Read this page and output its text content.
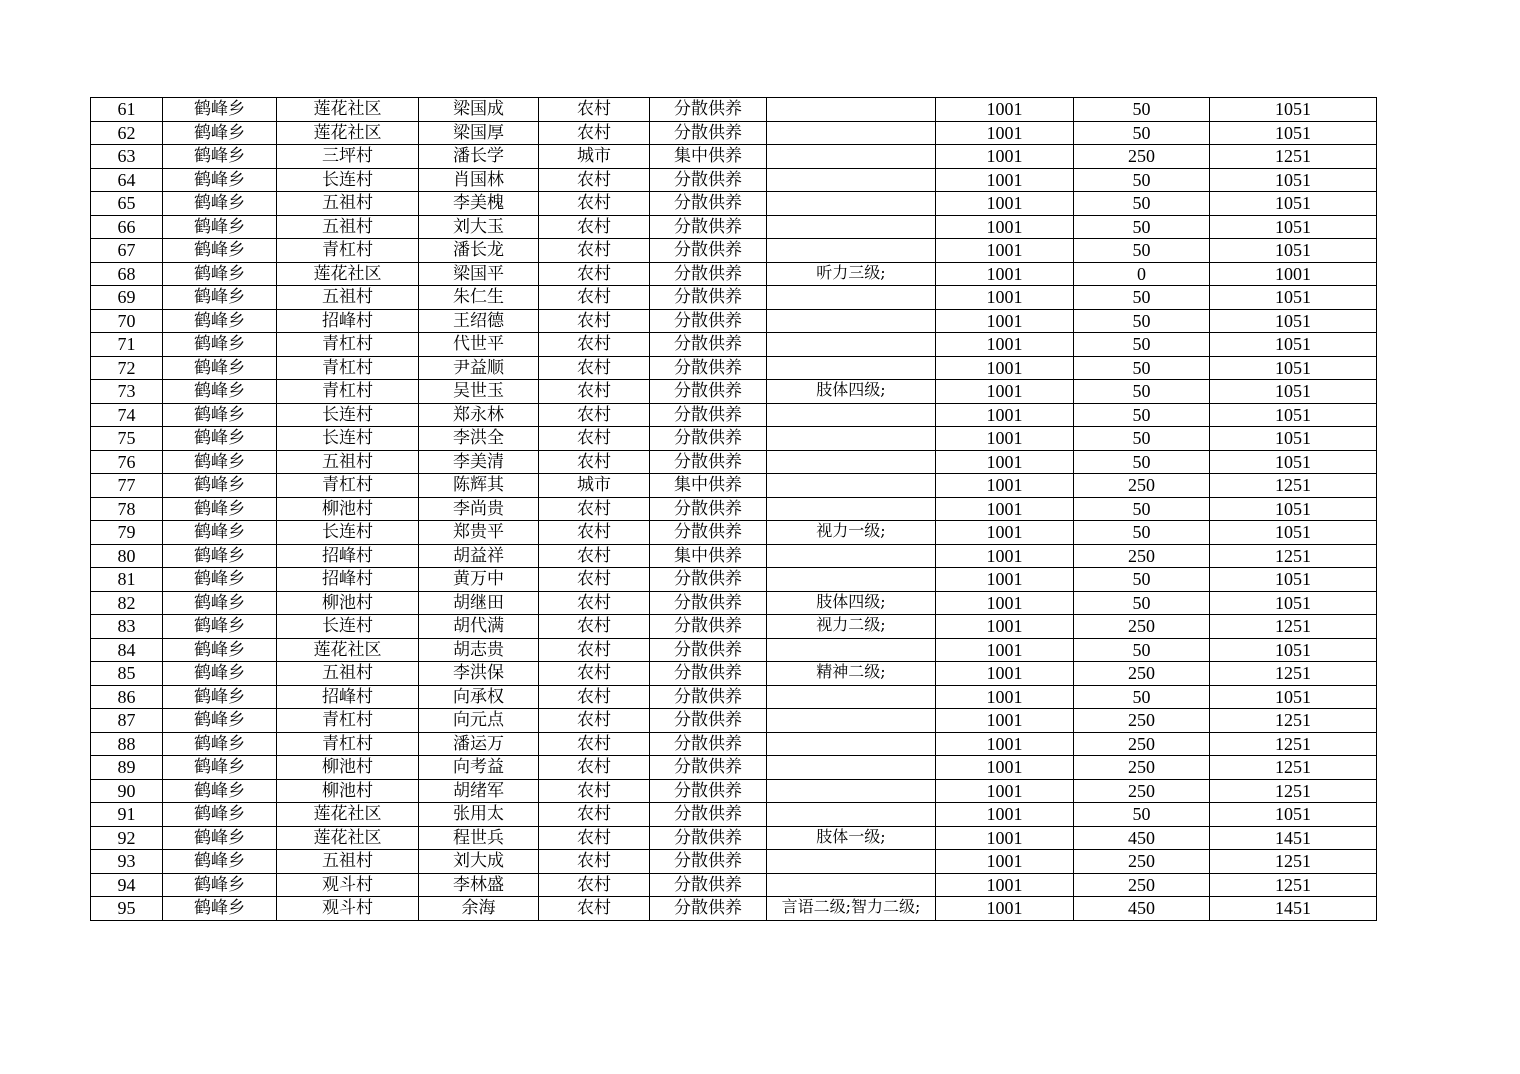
61	鹤峰乡	莲花社区	梁国成	农村	分散供养		1001	50	1051
62	鹤峰乡	莲花社区	梁国厚	农村	分散供养		1001	50	1051
63	鹤峰乡	三坪村	潘长学	城市	集中供养		1001	250	1251
64	鹤峰乡	长连村	肖国林	农村	分散供养		1001	50	1051
65	鹤峰乡	五祖村	李美槐	农村	分散供养		1001	50	1051
66	鹤峰乡	五祖村	刘大玉	农村	分散供养		1001	50	1051
67	鹤峰乡	青杠村	潘长龙	农村	分散供养		1001	50	1051
68	鹤峰乡	莲花社区	梁国平	农村	分散供养	听力三级;	1001	0	1001
69	鹤峰乡	五祖村	朱仁生	农村	分散供养		1001	50	1051
70	鹤峰乡	招峰村	王绍德	农村	分散供养		1001	50	1051
71	鹤峰乡	青杠村	代世平	农村	分散供养		1001	50	1051
72	鹤峰乡	青杠村	尹益顺	农村	分散供养		1001	50	1051
73	鹤峰乡	青杠村	吴世玉	农村	分散供养	肢体四级;	1001	50	1051
74	鹤峰乡	长连村	郑永林	农村	分散供养		1001	50	1051
75	鹤峰乡	长连村	李洪全	农村	分散供养		1001	50	1051
76	鹤峰乡	五祖村	李美清	农村	分散供养		1001	50	1051
77	鹤峰乡	青杠村	陈辉其	城市	集中供养		1001	250	1251
78	鹤峰乡	柳池村	李尚贵	农村	分散供养		1001	50	1051
79	鹤峰乡	长连村	郑贵平	农村	分散供养	视力一级;	1001	50	1051
80	鹤峰乡	招峰村	胡益祥	农村	集中供养		1001	250	1251
81	鹤峰乡	招峰村	黄万中	农村	分散供养		1001	50	1051
82	鹤峰乡	柳池村	胡继田	农村	分散供养	肢体四级;	1001	50	1051
83	鹤峰乡	长连村	胡代满	农村	分散供养	视力二级;	1001	250	1251
84	鹤峰乡	莲花社区	胡志贵	农村	分散供养		1001	50	1051
85	鹤峰乡	五祖村	李洪保	农村	分散供养	精神二级;	1001	250	1251
86	鹤峰乡	招峰村	向承权	农村	分散供养		1001	50	1051
87	鹤峰乡	青杠村	向元点	农村	分散供养		1001	250	1251
88	鹤峰乡	青杠村	潘运万	农村	分散供养		1001	250	1251
89	鹤峰乡	柳池村	向考益	农村	分散供养		1001	250	1251
90	鹤峰乡	柳池村	胡绪军	农村	分散供养		1001	250	1251
91	鹤峰乡	莲花社区	张用太	农村	分散供养		1001	50	1051
92	鹤峰乡	莲花社区	程世兵	农村	分散供养	肢体一级;	1001	450	1451
93	鹤峰乡	五祖村	刘大成	农村	分散供养		1001	250	1251
94	鹤峰乡	观斗村	李林盛	农村	分散供养		1001	250	1251
95	鹤峰乡	观斗村	余海	农村	分散供养	言语二级;智力二级;	1001	450	1451
